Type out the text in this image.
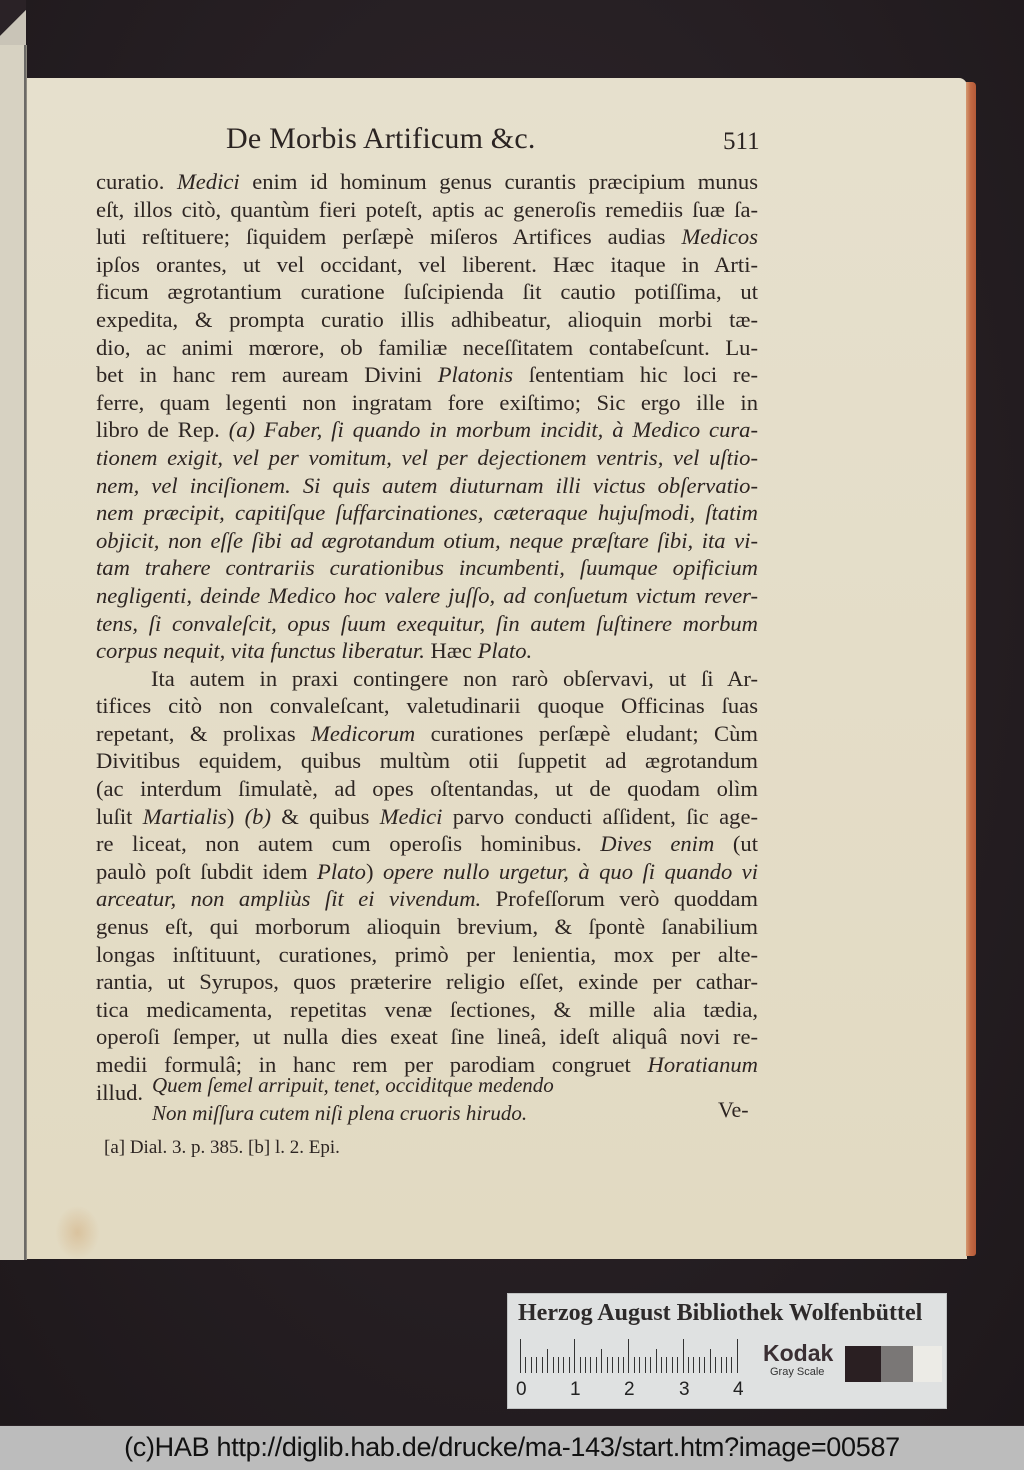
De Morbis Artificum &c.	511
curatio. Medici enim id hominum genus curantis præcipium munus
eſt, illos citò, quantùm fieri poteſt, aptis ac generoſis remediis ſuæ ſa-
luti reſtituere; ſiquidem perſæpè miſeros Artifices audias Medicos
ipſos orantes, ut vel occidant, vel liberent. Hæc itaque in Arti-
ficum ægrotantium curatione ſuſcipienda ſit cautio potiſſima, ut
expedita, & prompta curatio illis adhibeatur, alioquin morbi tæ-
dio, ac animi mœrore, ob familiæ neceſſitatem contabeſcunt. Lu-
bet in hanc rem auream Divini Platonis ſententiam hic loci re-
ferre, quam legenti non ingratam fore exiſtimo; Sic ergo ille in
libro de Rep. (a) Faber, ſi quando in morbum incidit, à Medico cura-
tionem exigit, vel per vomitum, vel per dejectionem ventris, vel uſtio-
nem, vel inciſionem. Si quis autem diuturnam illi victus obſervatio-
nem præcipit, capitiſque ſuffarcinationes, cæteraque hujuſmodi, ſtatim
objicit, non eſſe ſibi ad ægrotandum otium, neque præſtare ſibi, ita vi-
tam trahere contrariis curationibus incumbenti, ſuumque opificium
negligenti, deinde Medico hoc valere juſſo, ad conſuetum victum rever-
tens, ſi convaleſcit, opus ſuum exequitur, ſin autem ſuſtinere morbum
corpus nequit, vita functus liberatur. Hæc Plato.
Ita autem in praxi contingere non rarò obſervavi, ut ſi Ar-
tifices citò non convaleſcant, valetudinarii quoque Officinas ſuas
repetant, & prolixas Medicorum curationes perſæpè eludant; Cùm
Divitibus equidem, quibus multùm otii ſuppetit ad ægrotandum
(ac interdum ſimulatè, ad opes oſtentandas, ut de quodam olìm
luſit Martialis) (b) & quibus Medici parvo conducti aſſident, ſic age-
re liceat, non autem cum operoſis hominibus. Dives enim (ut
paulò poſt ſubdit idem Plato) opere nullo urgetur, à quo ſi quando vi
arceatur, non ampliùs ſit ei vivendum. Profeſſorum verò quoddam
genus eſt, qui morborum alioquin brevium, & ſpontè ſanabilium
longas inſtituunt, curationes, primò per lenientia, mox per alte-
rantia, ut Syrupos, quos præterire religio eſſet, exinde per cathar-
tica medicamenta, repetitas venæ ſectiones, & mille alia tædia,
operoſi ſemper, ut nulla dies exeat ſine lineâ, ideſt aliquâ novi re-
medii formulâ; in hanc rem per parodiam congruet Horatianum
illud. Quem ſemel arripuit, tenet, occiditque medendo
Non miſſura cutem niſi plena cruoris hirudo.	Ve-
[a] Dial. 3. p. 385. [b] l. 2. Epi.
Herzog August Bibliothek Wolfenbüttel
0 1 2 3 4
Kodak
Gray Scale
(c)HAB http://diglib.hab.de/drucke/ma-143/start.htm?image=00587
